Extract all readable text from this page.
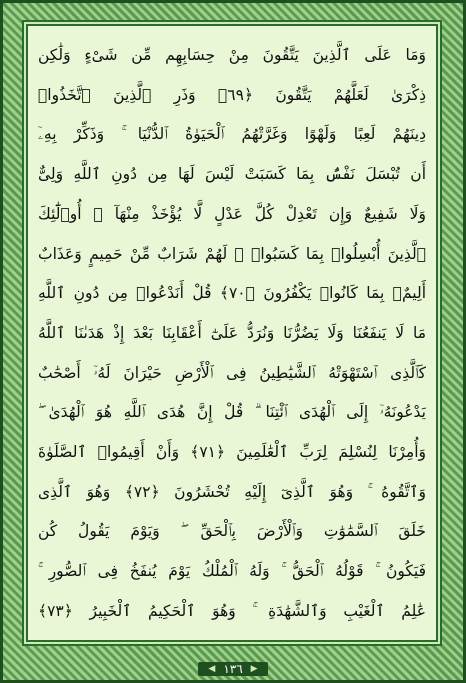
وَمَا عَلَى ٱلَّذِينَ يَتَّقُونَ مِنْ حِسَابِهِم مِّن شَىْءٍ وَلَٰكِن
ذِكْرَىٰ لَعَلَّهُمْ يَتَّقُونَ ﴿٦٩﴾ وَذَرِ ٱلَّذِينَ ٱتَّخَذُوا۟
دِينَهُمْ لَعِبًا وَلَهْوًا وَغَرَّتْهُمُ ٱلْحَيَوٰةُ ٱلدُّنْيَا ۚ وَذَكِّرْ بِهِۦٓ
أَن تُبْسَلَ نَفْسٌۢ بِمَا كَسَبَتْ لَيْسَ لَهَا مِن دُونِ ٱللَّهِ وَلِىٌّ
وَلَا شَفِيعٌ وَإِن تَعْدِلْ كُلَّ عَدْلٍ لَّا يُؤْخَذْ مِنْهَآ ۗ أُو۟لَٰٓئِكَ
ٱلَّذِينَ أُبْسِلُوا۟ بِمَا كَسَبُوا۟ ۖ لَهُمْ شَرَابٌ مِّنْ حَمِيمٍ وَعَذَابٌ
أَلِيمٌۢ بِمَا كَانُوا۟ يَكْفُرُونَ ﴿٧٠﴾ قُلْ أَنَدْعُوا۟ مِن دُونِ ٱللَّهِ
مَا لَا يَنفَعُنَا وَلَا يَضُرُّنَا وَنُرَدُّ عَلَىٰٓ أَعْقَابِنَا بَعْدَ إِذْ هَدَىٰنَا ٱللَّهُ
كَٱلَّذِى ٱسْتَهْوَتْهُ ٱلشَّيَٰطِينُ فِى ٱلْأَرْضِ حَيْرَانَ لَهُۥٓ أَصْحَٰبٌ
يَدْعُونَهُۥٓ إِلَى ٱلْهُدَى ٱئْتِنَا ۗ قُلْ إِنَّ هُدَى ٱللَّهِ هُوَ ٱلْهُدَىٰ ۖ
وَأُمِرْنَا لِنُسْلِمَ لِرَبِّ ٱلْعَٰلَمِينَ ﴿٧١﴾ وَأَنْ أَقِيمُوا۟ ٱلصَّلَوٰةَ
وَٱتَّقُوهُ ۚ وَهُوَ ٱلَّذِىٓ إِلَيْهِ تُحْشَرُونَ ﴿٧٢﴾ وَهُوَ ٱلَّذِى
خَلَقَ ٱلسَّمَٰوَٰتِ وَٱلْأَرْضَ بِٱلْحَقِّ ۖ وَيَوْمَ يَقُولُ كُن
فَيَكُونُ ۚ قَوْلُهُ ٱلْحَقُّ ۚ وَلَهُ ٱلْمُلْكُ يَوْمَ يُنفَخُ فِى ٱلصُّورِ ۚ
عَٰلِمُ ٱلْغَيْبِ وَٱلشَّهَٰدَةِ ۚ وَهُوَ ٱلْحَكِيمُ ٱلْخَبِيرُ ﴿٧٣﴾
◀ ١٣٦ ▶
